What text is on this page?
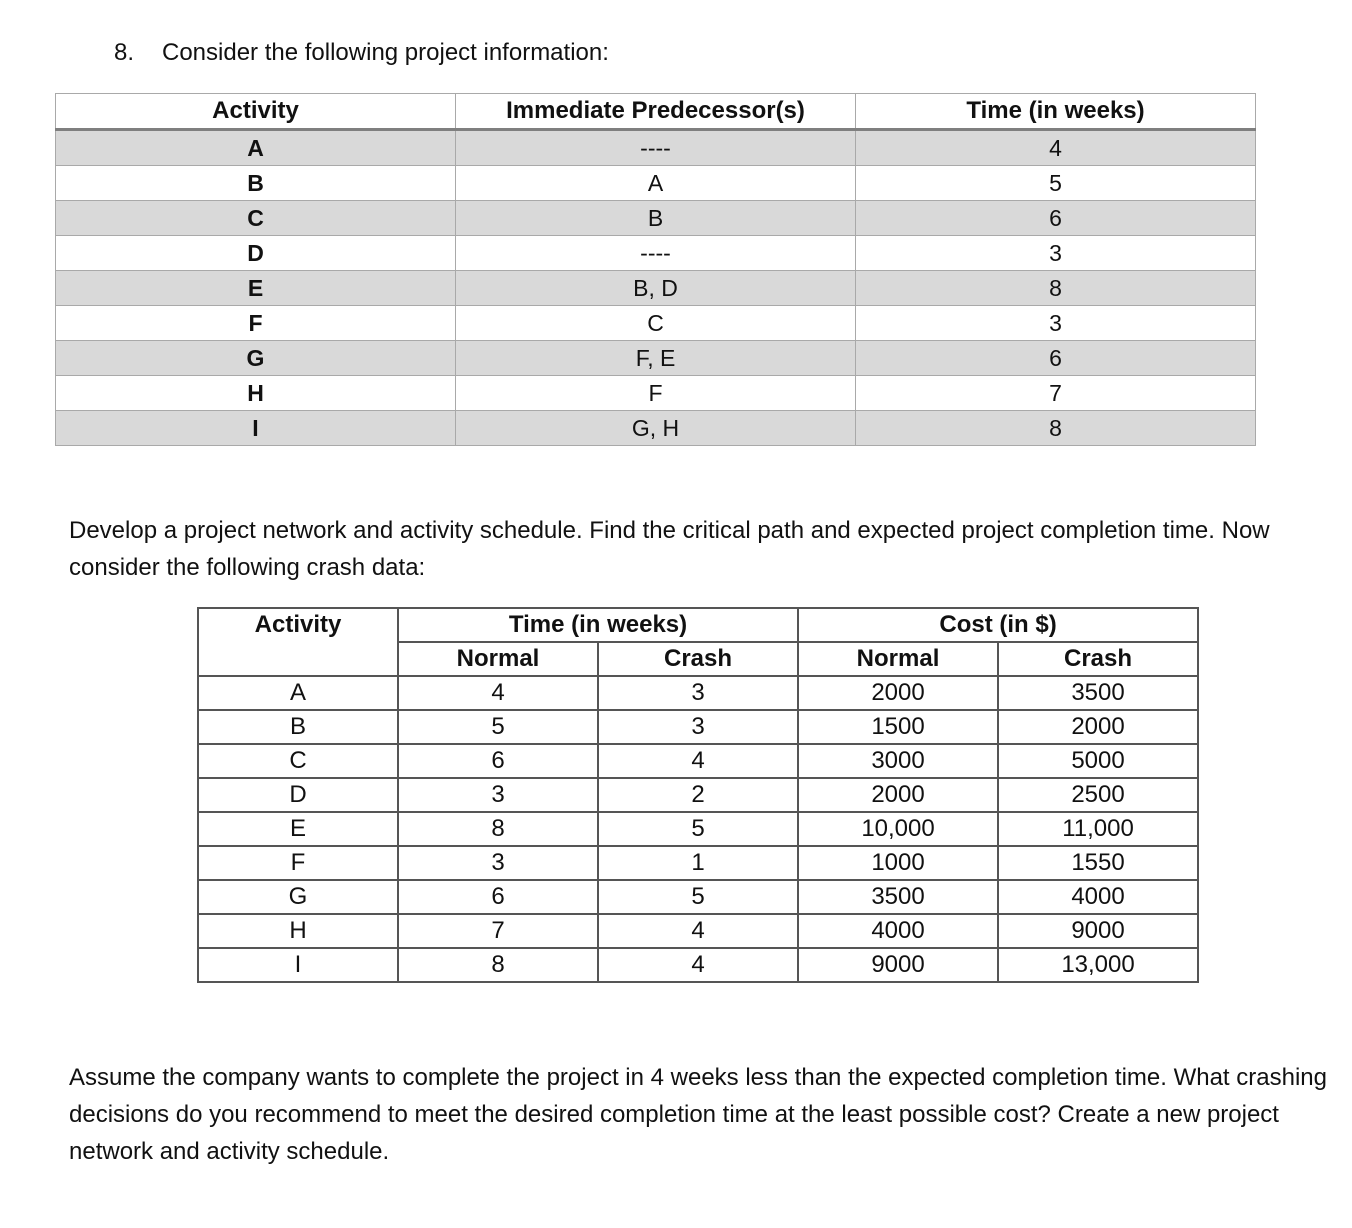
8. Consider the following project information:
Activity	Immediate Predecessor(s)	Time (in weeks)
A	----	4
B	A	5
C	B	6
D	----	3
E	B, D	8
F	C	3
G	F, E	6
H	F	7
I	G, H	8

Develop a project network and activity schedule. Find the critical path and expected project completion time. Now consider the following crash data:

Activity	Time (in weeks)		Cost (in $)	
	Normal	Crash	Normal	Crash
A	4	3	2000	3500
B	5	3	1500	2000
C	6	4	3000	5000
D	3	2	2000	2500
E	8	5	10,000	11,000
F	3	1	1000	1550
G	6	5	3500	4000
H	7	4	4000	9000
I	8	4	9000	13,000

Assume the company wants to complete the project in 4 weeks less than the expected completion time. What crashing decisions do you recommend to meet the desired completion time at the least possible cost? Create a new project network and activity schedule.
